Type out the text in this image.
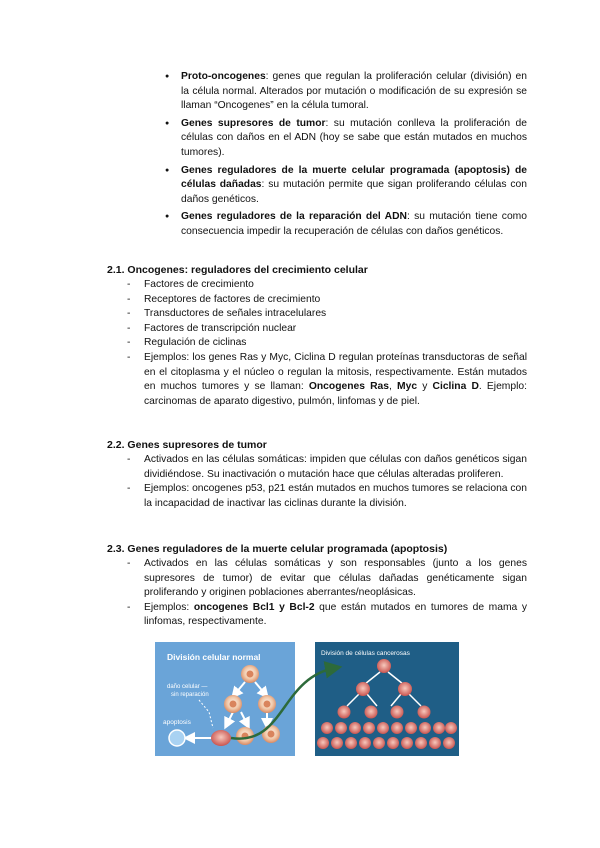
● Proto-oncogenes: genes que regulan la proliferación celular (división) en la célula normal. Alterados por mutación o modificación de su expresión se llaman “Oncogenes” en la célula tumoral.
● Genes supresores de tumor: su mutación conlleva la proliferación de células con daños en el ADN (hoy se sabe que están mutados en muchos tumores).
● Genes reguladores de la muerte celular programada (apoptosis) de células dañadas: su mutación permite que sigan proliferando células con daños genéticos.
● Genes reguladores de la reparación del ADN: su mutación tiene como consecuencia impedir la recuperación de células con daños genéticos.
2.1. Oncogenes: reguladores del crecimiento celular
- Factores de crecimiento
- Receptores de factores de crecimiento
- Transductores de señales intracelulares
- Factores de transcripción nuclear
- Regulación de ciclinas
- Ejemplos: los genes Ras y Myc, Ciclina D regulan proteínas transductoras de señal en el citoplasma y el núcleo o regulan la mitosis, respectivamente. Están mutados en muchos tumores y se llaman: Oncogenes Ras, Myc y Ciclina D. Ejemplo: carcinomas de aparato digestivo, pulmón, linfomas y de piel.
2.2. Genes supresores de tumor
- Activados en las células somáticas: impiden que células con daños genéticos sigan dividiéndose. Su inactivación o mutación hace que células alteradas proliferen.
- Ejemplos: oncogenes p53, p21 están mutados en muchos tumores se relaciona con la incapacidad de inactivar las ciclinas durante la división.
2.3. Genes reguladores de la muerte celular programada (apoptosis)
- Activados en las células somáticas y son responsables (junto a los genes supresores de tumor) de evitar que células dañadas genéticamente sigan proliferando y originen poblaciones aberrantes/neoplásicas.
- Ejemplos: oncogenes Bcl1 y Bcl-2 que están mutados en tumores de mama y linfomas, respectivamente.
División celular normal
daño celular —
sin reparación
apoptosis
División de células cancerosas
